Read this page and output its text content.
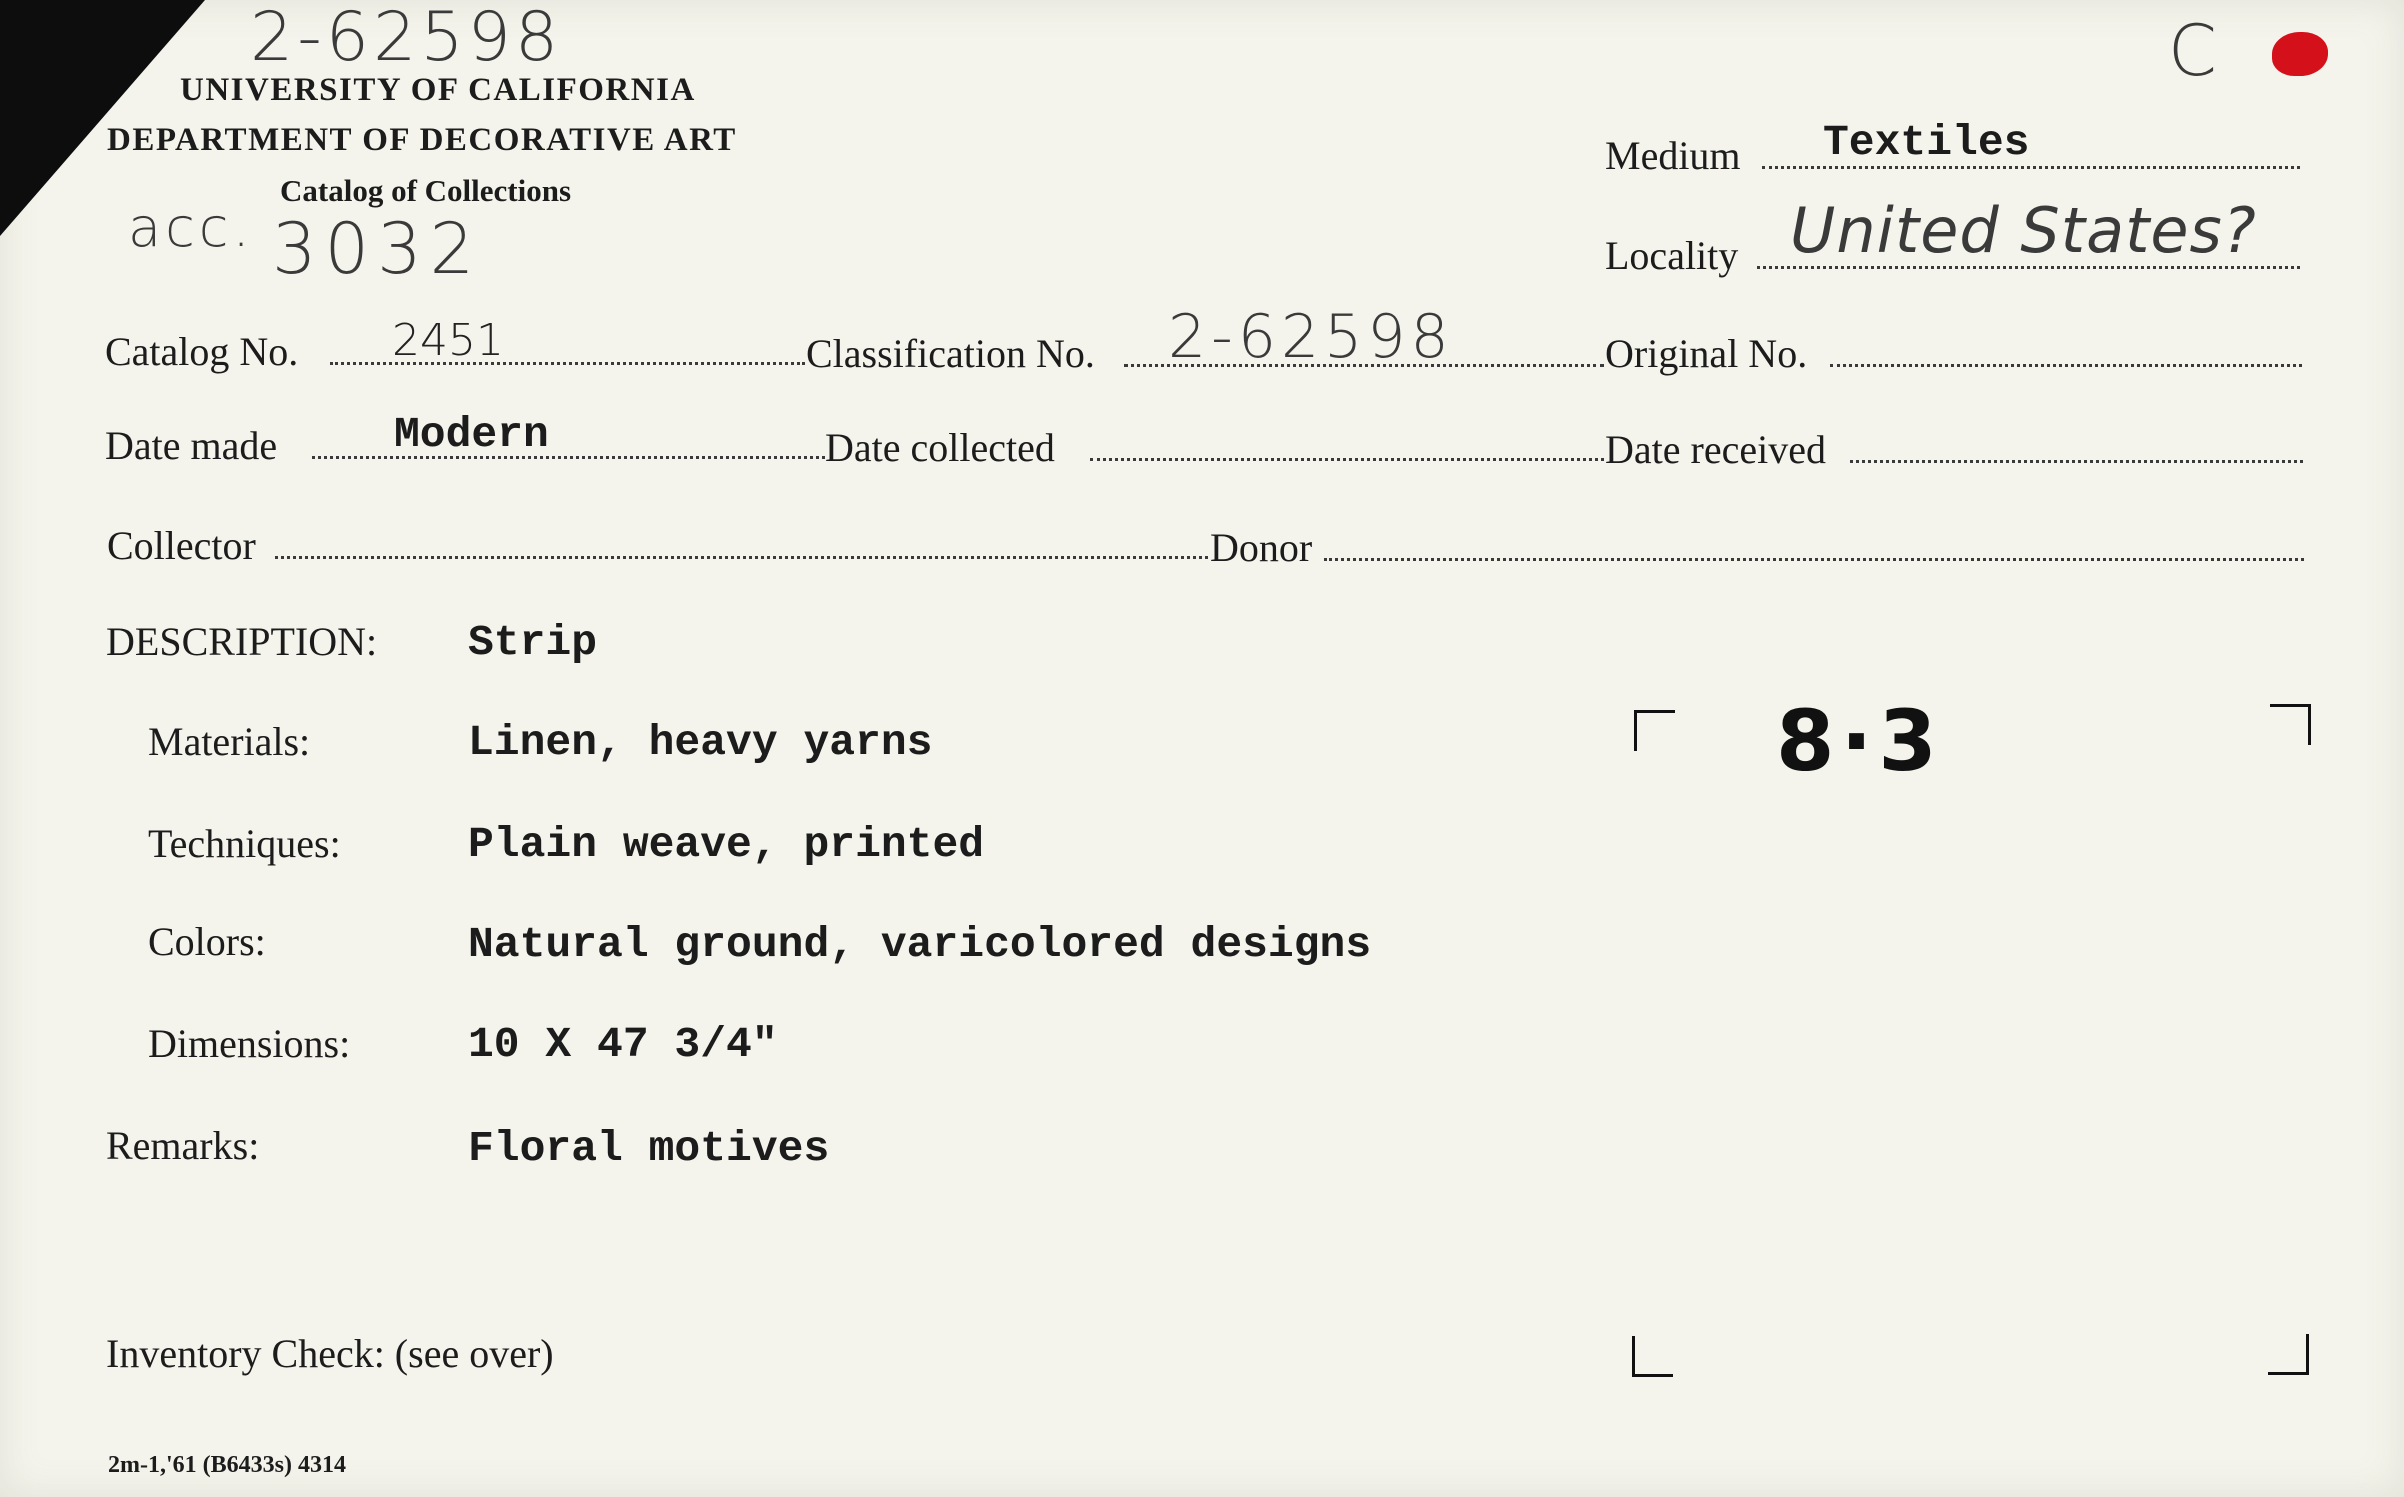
2-62598
UNIVERSITY OF CALIFORNIA
DEPARTMENT OF DECORATIVE ART
Catalog of Collections
acc. 3032
C
Medium Textiles
Locality United States?
Catalog No. 2451	Classification No. 2-62598	Original No.
Date made	Modern	Date collected	Date received
Collector	Donor
DESCRIPTION: Strip
Materials:	Linen, heavy yarns
Techniques:	Plain weave, printed
Colors:	Natural ground, varicolored designs
Dimensions:	10 X 47 3/4"
Remarks:	Floral motives
8·3
Inventory Check: (see over)
2m-1,'61 (B6433s) 4314
